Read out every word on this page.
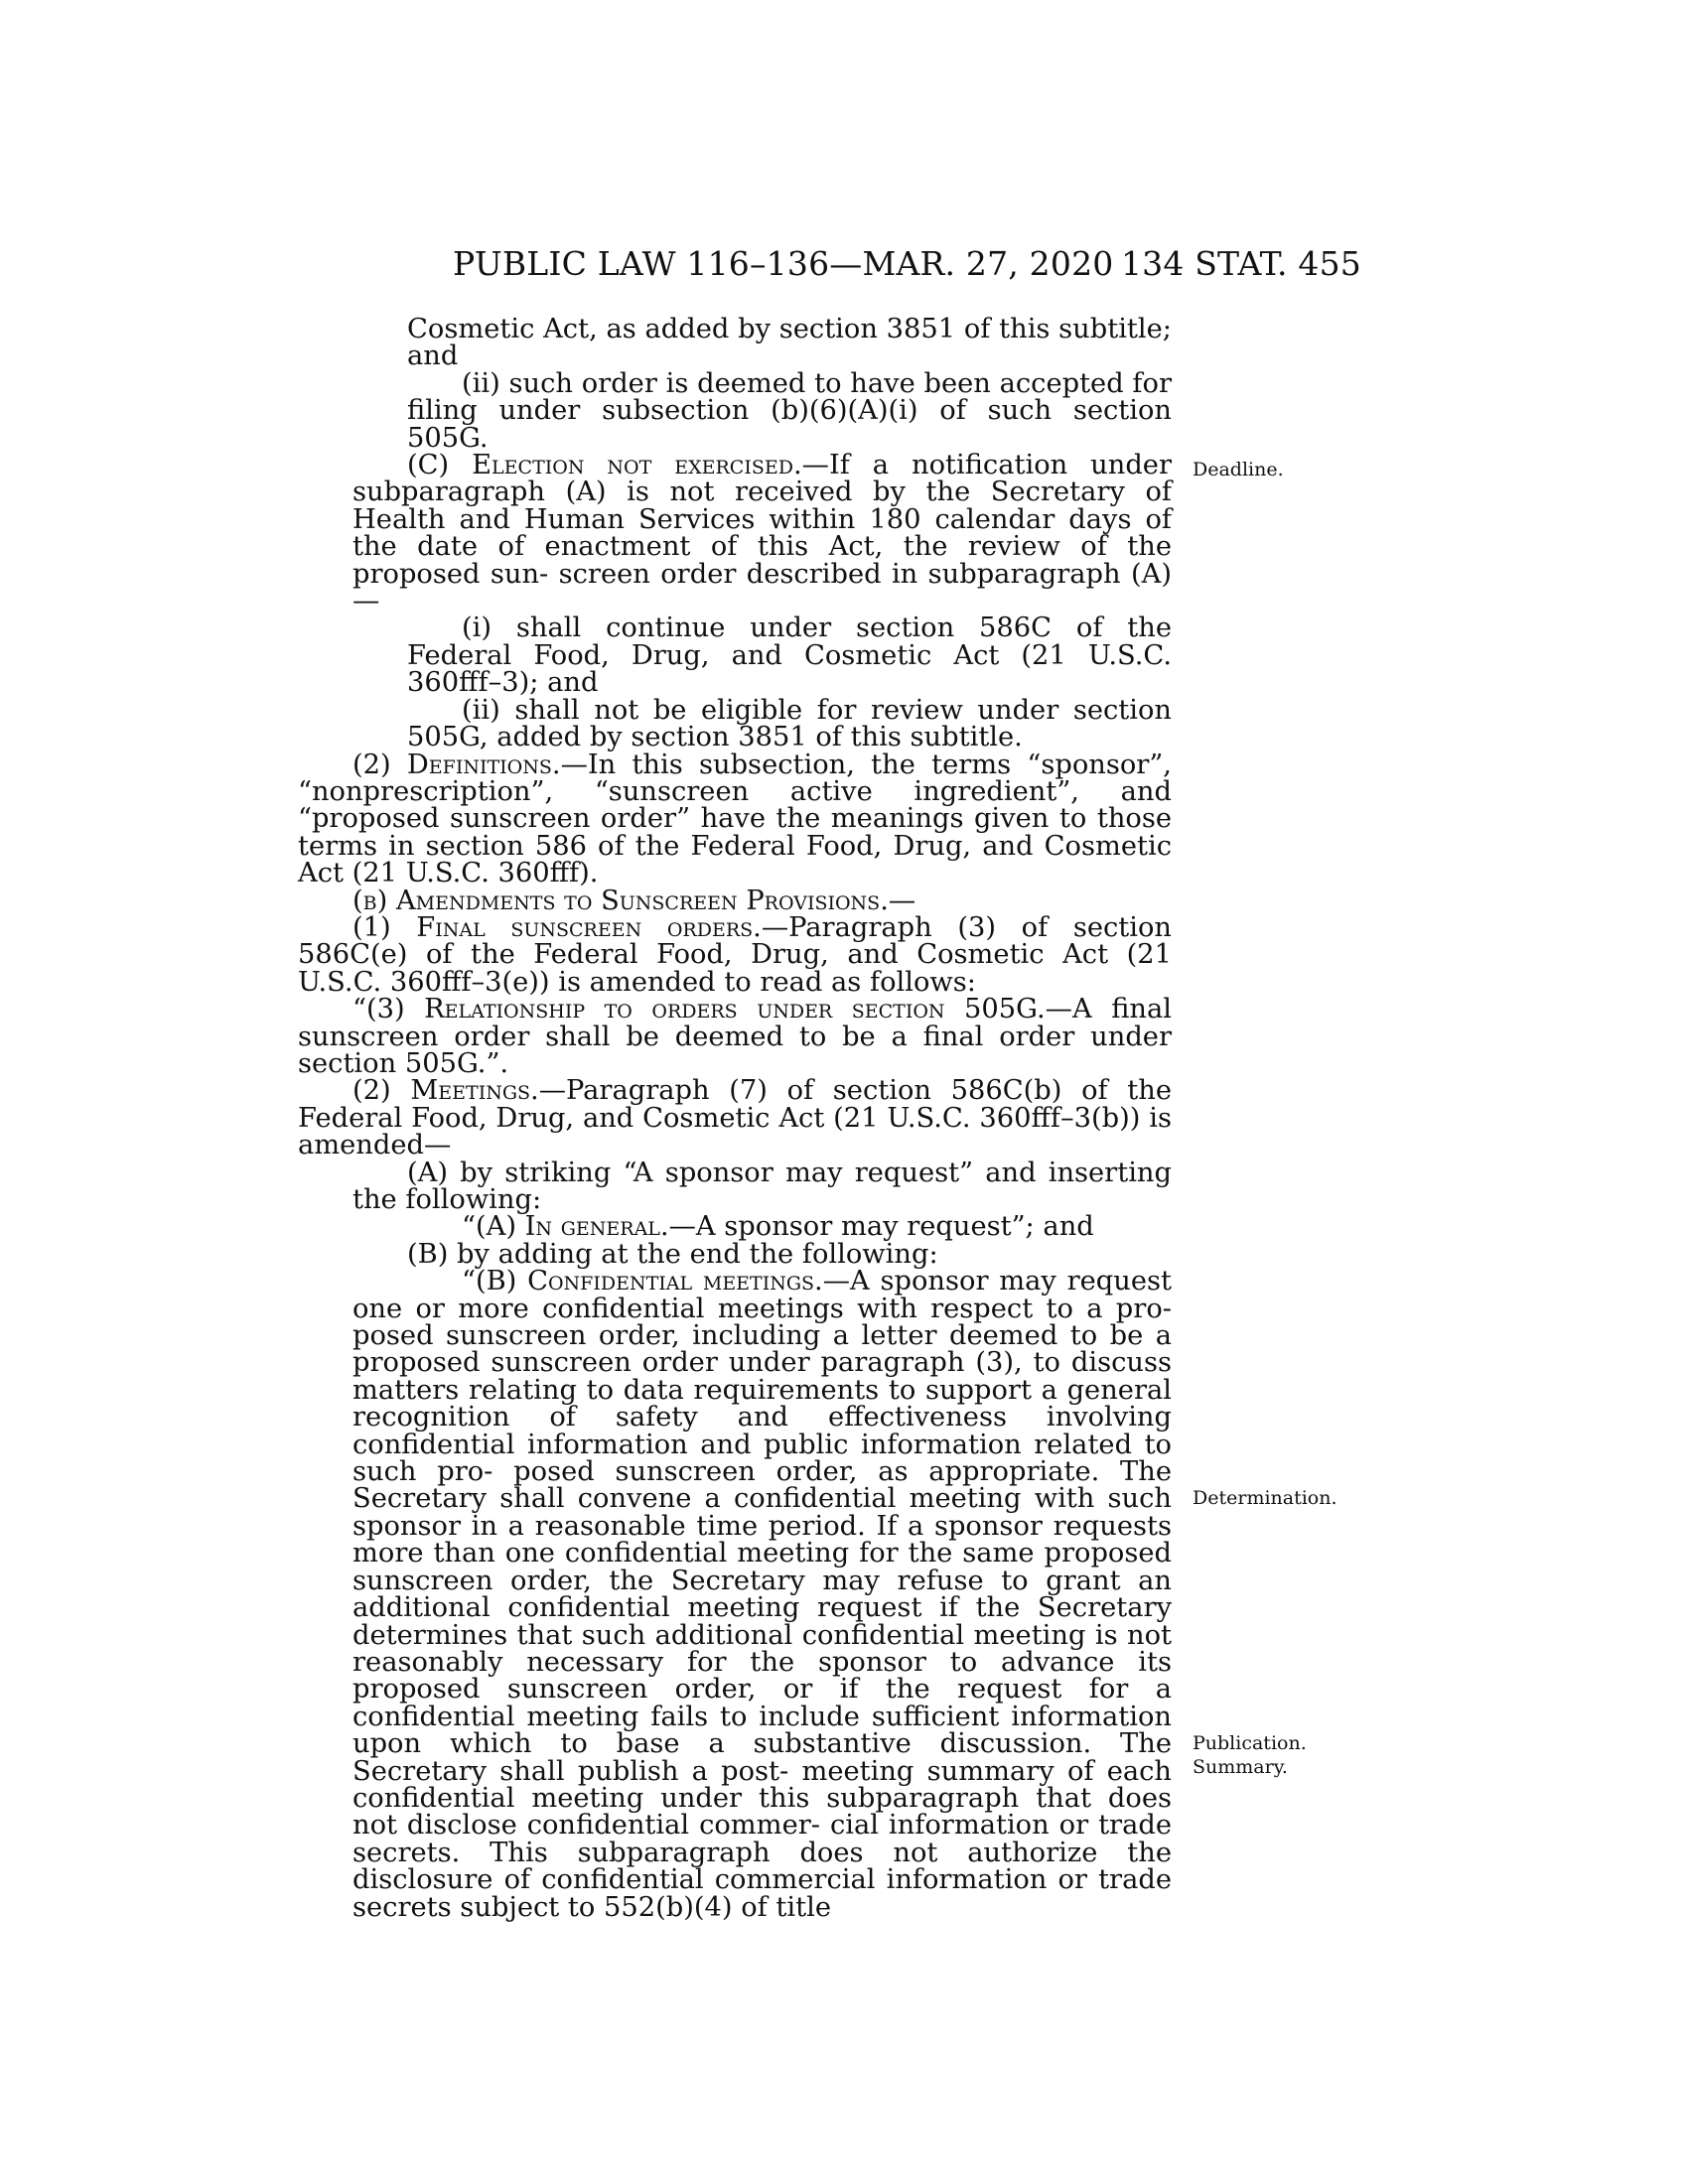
PUBLIC LAW 116–136—MAR. 27, 2020 134 STAT. 455

Cosmetic Act, as added by section 3851 of this subtitle; and

(ii) such order is deemed to have been accepted for filing under subsection (b)(6)(A)(i) of such section 505G.

(C) Election not exercised.—If a notification under subparagraph (A) is not received by the Secretary of Health and Human Services within 180 calendar days of the date of enactment of this Act, the review of the proposed sun- screen order described in subparagraph (A)—

(i) shall continue under section 586C of the Federal Food, Drug, and Cosmetic Act (21 U.S.C. 360fff–3); and

(ii) shall not be eligible for review under section 505G, added by section 3851 of this subtitle.

(2) Definitions.—In this subsection, the terms “sponsor”, “nonprescription”, “sunscreen active ingredient”, and “proposed sunscreen order” have the meanings given to those terms in section 586 of the Federal Food, Drug, and Cosmetic Act (21 U.S.C. 360fff).

(b) Amendments to Sunscreen Provisions.—

(1) Final sunscreen orders.—Paragraph (3) of section 586C(e) of the Federal Food, Drug, and Cosmetic Act (21 U.S.C. 360fff–3(e)) is amended to read as follows:

“(3) Relationship to orders under section 505G.—A final sunscreen order shall be deemed to be a final order under section 505G.”.

(2) Meetings.—Paragraph (7) of section 586C(b) of the Federal Food, Drug, and Cosmetic Act (21 U.S.C. 360fff–3(b)) is amended—

(A) by striking “A sponsor may request” and inserting the following:

“(A) In general.—A sponsor may request”; and

(B) by adding at the end the following:

“(B) Confidential meetings.—A sponsor may request one or more confidential meetings with respect to a pro- posed sunscreen order, including a letter deemed to be a proposed sunscreen order under paragraph (3), to discuss matters relating to data requirements to support a general recognition of safety and effectiveness involving confidential information and public information related to such pro- posed sunscreen order, as appropriate. The Secretary shall convene a confidential meeting with such sponsor in a reasonable time period. If a sponsor requests more than one confidential meeting for the same proposed sunscreen order, the Secretary may refuse to grant an additional confidential meeting request if the Secretary determines that such additional confidential meeting is not reasonably necessary for the sponsor to advance its proposed sunscreen order, or if the request for a confidential meeting fails to include sufficient information upon which to base a substantive discussion. The Secretary shall publish a post- meeting summary of each confidential meeting under this subparagraph that does not disclose confidential commer- cial information or trade secrets. This subparagraph does not authorize the disclosure of confidential commercial information or trade secrets subject to 552(b)(4) of title

Deadline.
Determination.
Publication.
Summary.
